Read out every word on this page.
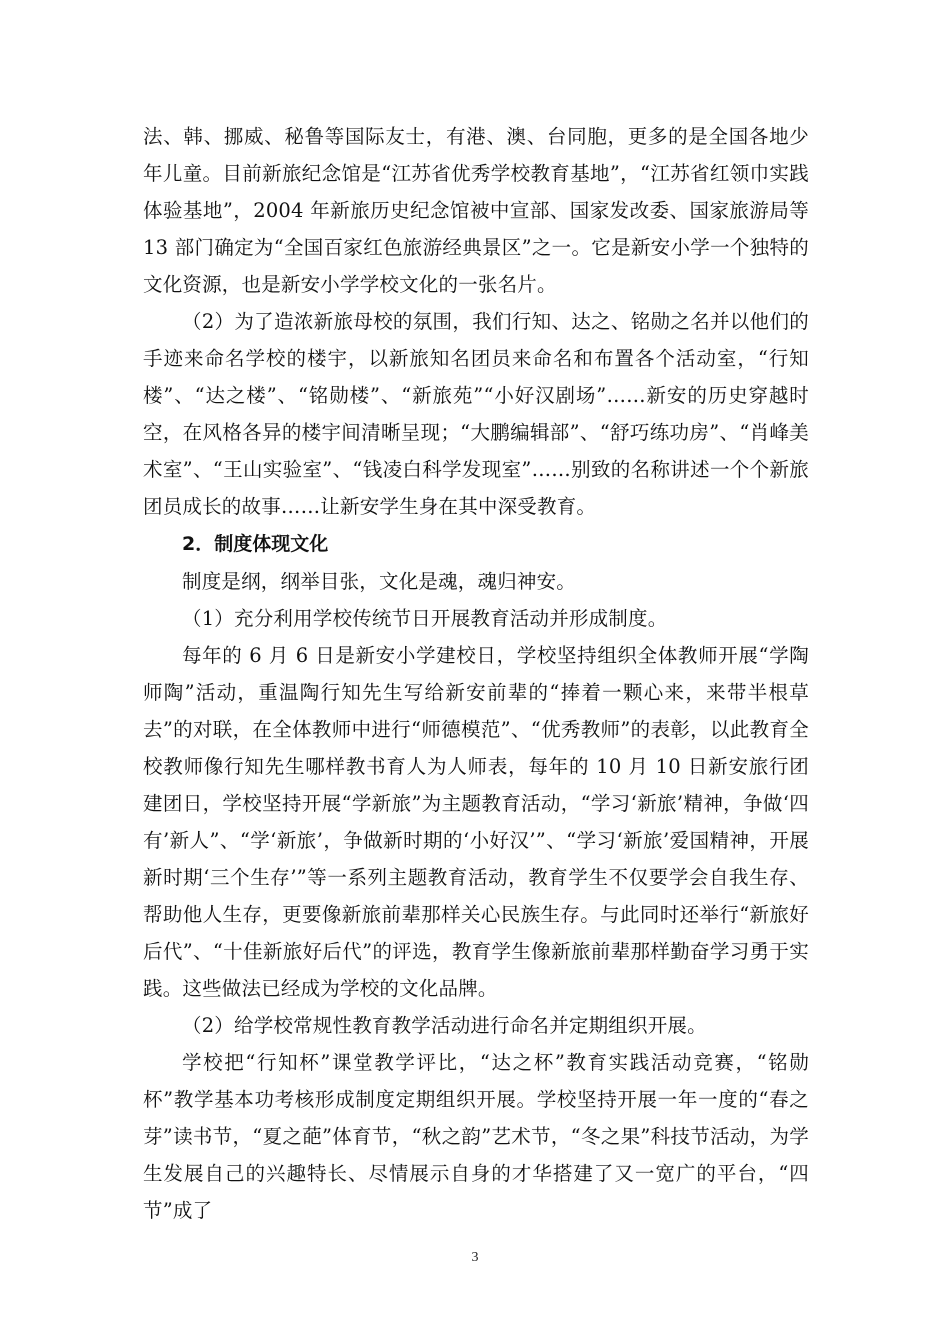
法、韩、挪威、秘鲁等国际友士，有港、澳、台同胞，更多的是全国各地少年儿童。目前新旅纪念馆是“江苏省优秀学校教育基地”，“江苏省红领巾实践体验基地”，2004 年新旅历史纪念馆被中宣部、国家发改委、国家旅游局等 13 部门确定为“全国百家红色旅游经典景区”之一。它是新安小学一个独特的文化资源，也是新安小学学校文化的一张名片。

（2）为了造浓新旅母校的氛围，我们行知、达之、铭勋之名并以他们的手迹来命名学校的楼宇，以新旅知名团员来命名和布置各个活动室，“行知楼”、“达之楼”、“铭勋楼”、“新旅苑”“小好汉剧场”……新安的历史穿越时空，在风格各异的楼宇间清晰呈现；“大鹏编辑部”、“舒巧练功房”、“肖峰美术室”、“王山实验室”、“钱凌白科学发现室”……别致的名称讲述一个个新旅团员成长的故事……让新安学生身在其中深受教育。

2．制度体现文化

制度是纲，纲举目张，文化是魂，魂归神安。

（1）充分利用学校传统节日开展教育活动并形成制度。

每年的 6 月 6 日是新安小学建校日，学校坚持组织全体教师开展“学陶师陶”活动，重温陶行知先生写给新安前辈的“捧着一颗心来，来带半根草去”的对联，在全体教师中进行“师德模范”、“优秀教师”的表彰，以此教育全校教师像行知先生哪样教书育人为人师表，每年的 10 月 10 日新安旅行团建团日，学校坚持开展“学新旅”为主题教育活动，“学习‘新旅’精神，争做‘四有’新人”、“学‘新旅’，争做新时期的‘小好汉’”、“学习‘新旅’爱国精神，开展新时期‘三个生存’”等一系列主题教育活动，教育学生不仅要学会自我生存、帮助他人生存，更要像新旅前辈那样关心民族生存。与此同时还举行“新旅好后代”、“十佳新旅好后代”的评选，教育学生像新旅前辈那样勤奋学习勇于实践。这些做法已经成为学校的文化品牌。

（2）给学校常规性教育教学活动进行命名并定期组织开展。

学校把“行知杯”课堂教学评比，“达之杯”教育实践活动竞赛，“铭勋杯”教学基本功考核形成制度定期组织开展。学校坚持开展一年一度的“春之芽”读书节，“夏之葩”体育节，“秋之韵”艺术节，“冬之果”科技节活动，为学生发展自己的兴趣特长、尽情展示自身的才华搭建了又一宽广的平台，“四节”成了

3
